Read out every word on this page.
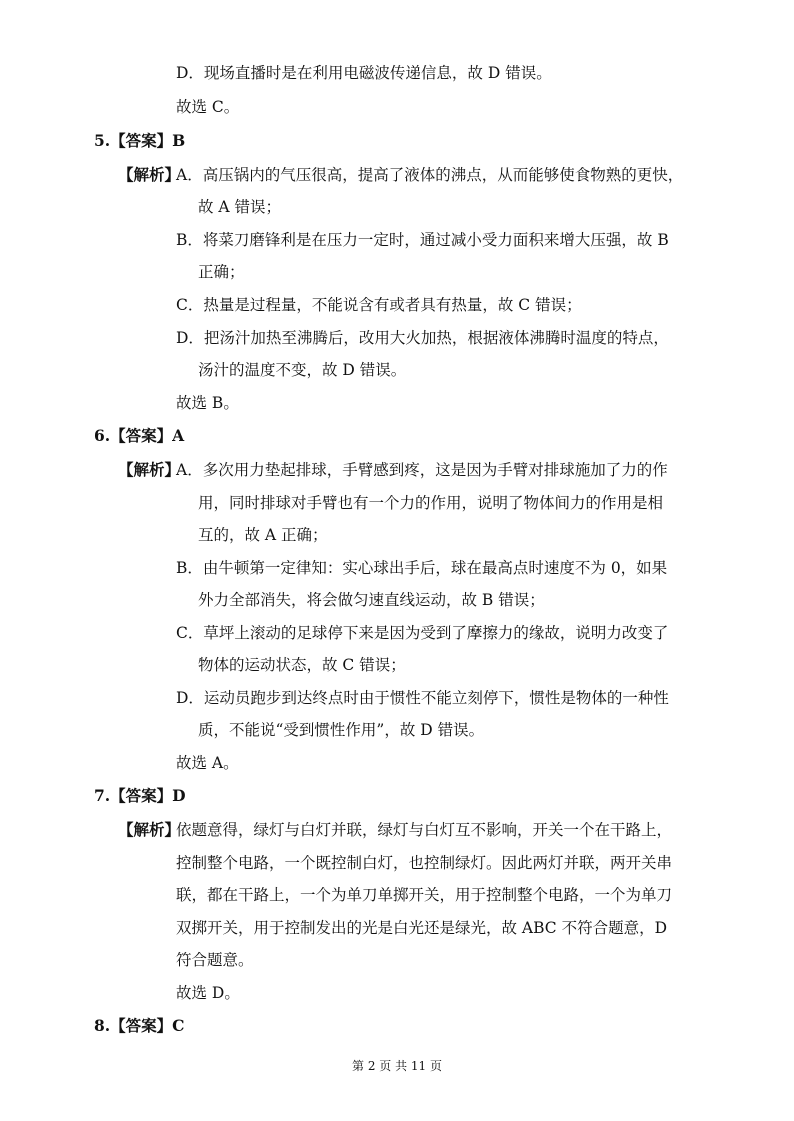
D．现场直播时是在利用电磁波传递信息，故 D 错误。
故选 C。
5.【答案】B
【解析】
A．高压锅内的气压很高，提高了液体的沸点，从而能够使食物熟的更快，
故 A 错误；
B．将菜刀磨锋利是在压力一定时，通过减小受力面积来增大压强，故 B
正确；
C．热量是过程量，不能说含有或者具有热量，故 C 错误；
D．把汤汁加热至沸腾后，改用大火加热，根据液体沸腾时温度的特点，
汤汁的温度不变，故 D 错误。
故选 B。
6.【答案】A
【解析】
A．多次用力垫起排球，手臂感到疼，这是因为手臂对排球施加了力的作
用，同时排球对手臂也有一个力的作用，说明了物体间力的作用是相
互的，故 A 正确；
B．由牛顿第一定律知：实心球出手后，球在最高点时速度不为 0，如果
外力全部消失，将会做匀速直线运动，故 B 错误；
C．草坪上滚动的足球停下来是因为受到了摩擦力的缘故，说明力改变了
物体的运动状态，故 C 错误；
D．运动员跑步到达终点时由于惯性不能立刻停下，惯性是物体的一种性
质，不能说“受到惯性作用”，故 D 错误。
故选 A。
7.【答案】D
【解析】
依题意得，绿灯与白灯并联，绿灯与白灯互不影响，开关一个在干路上，
控制整个电路，一个既控制白灯，也控制绿灯。因此两灯并联，两开关串
联，都在干路上，一个为单刀单掷开关，用于控制整个电路，一个为单刀
双掷开关，用于控制发出的光是白光还是绿光，故 ABC 不符合题意，D
符合题意。
故选 D。
8.【答案】C
第 2 页 共 11 页
